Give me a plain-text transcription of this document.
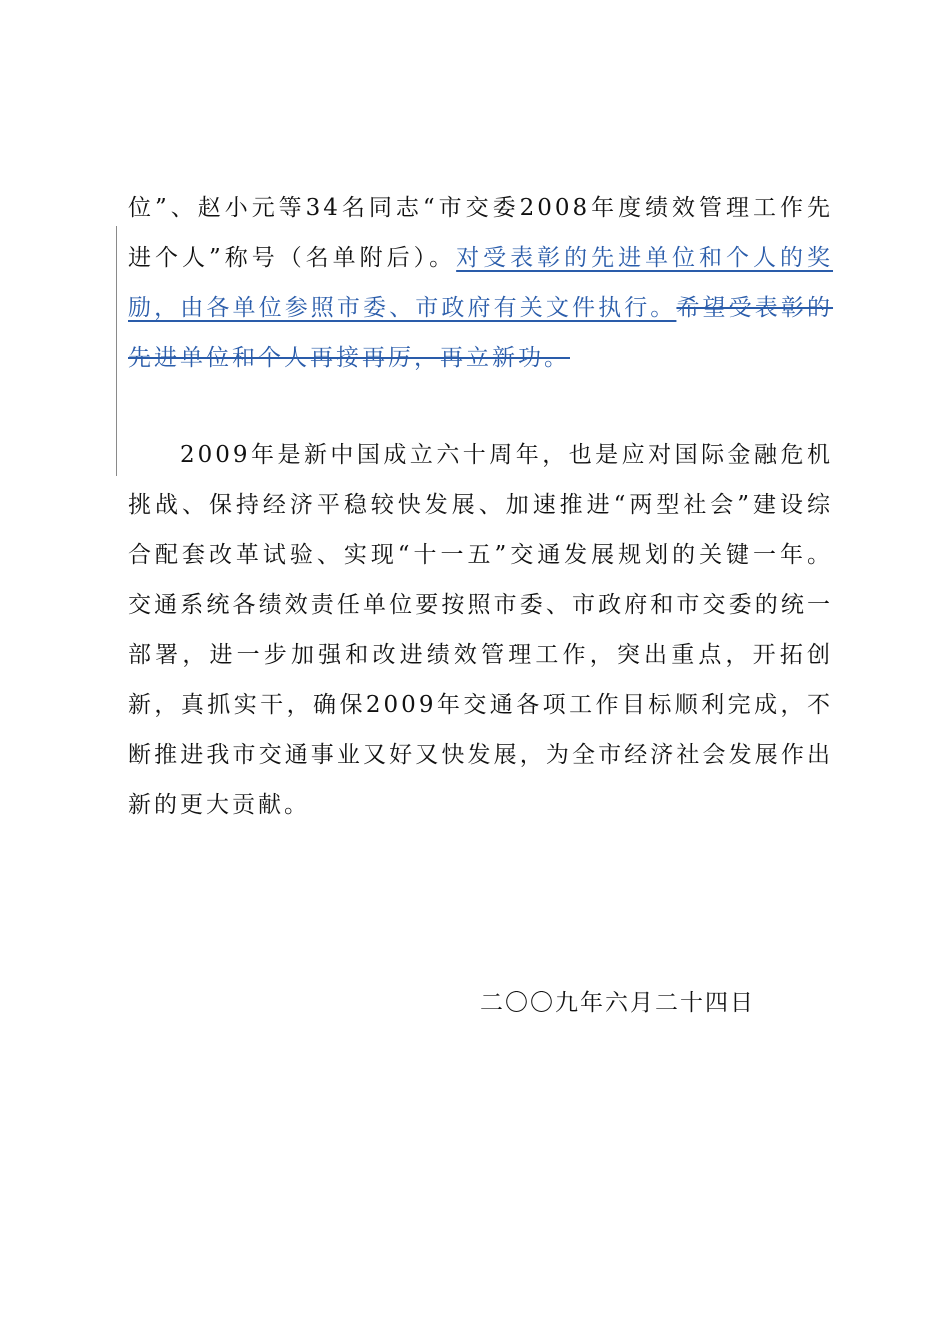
位”、赵小元等34名同志“市交委2008年度绩效管理工作先进个人”称号（名单附后）。对受表彰的先进单位和个人的奖励，由各单位参照市委、市政府有关文件执行。希望受表彰的先进单位和个人再接再厉，再立新功。

2009年是新中国成立六十周年，也是应对国际金融危机挑战、保持经济平稳较快发展、加速推进“两型社会”建设综合配套改革试验、实现“十一五”交通发展规划的关键一年。交通系统各绩效责任单位要按照市委、市政府和市交委的统一部署，进一步加强和改进绩效管理工作，突出重点，开拓创新，真抓实干，确保2009年交通各项工作目标顺利完成，不断推进我市交通事业又好又快发展，为全市经济社会发展作出新的更大贡献。

二〇〇九年六月二十四日
